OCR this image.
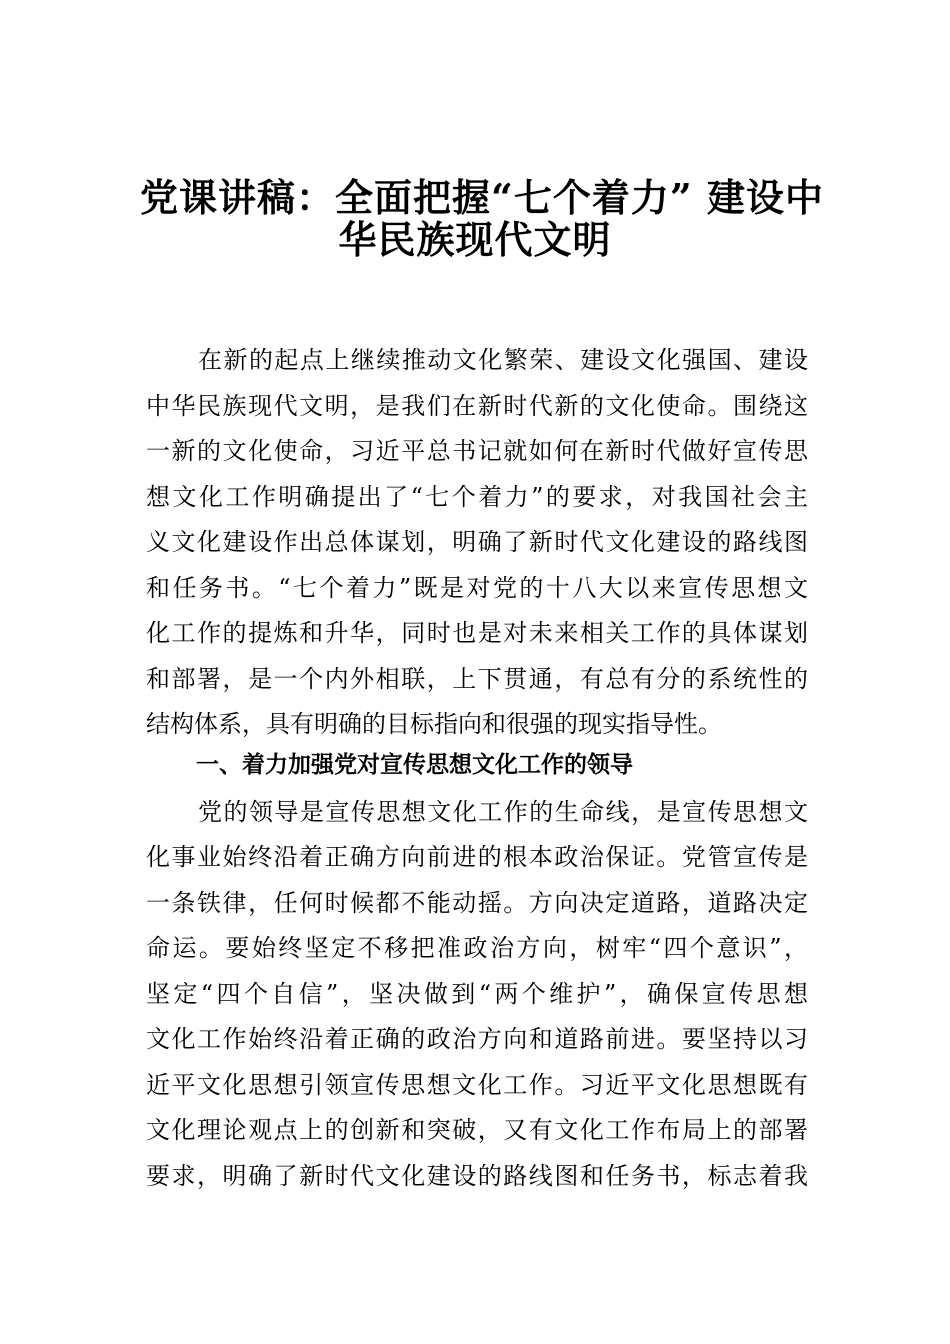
党课讲稿：全面把握“七个着力” 建设中
华民族现代文明
在新的起点上继续推动文化繁荣、建设文化强国、建设
中华民族现代文明，是我们在新时代新的文化使命。围绕这
一新的文化使命，习近平总书记就如何在新时代做好宣传思
想文化工作明确提出了“七个着力”的要求，对我国社会主
义文化建设作出总体谋划，明确了新时代文化建设的路线图
和任务书。“七个着力”既是对党的十八大以来宣传思想文
化工作的提炼和升华，同时也是对未来相关工作的具体谋划
和部署，是一个内外相联，上下贯通，有总有分的系统性的
结构体系，具有明确的目标指向和很强的现实指导性。
一、着力加强党对宣传思想文化工作的领导
党的领导是宣传思想文化工作的生命线，是宣传思想文
化事业始终沿着正确方向前进的根本政治保证。党管宣传是
一条铁律，任何时候都不能动摇。方向决定道路，道路决定
命运。要始终坚定不移把准政治方向，树牢“四个意识”，
坚定“四个自信”，坚决做到“两个维护”，确保宣传思想
文化工作始终沿着正确的政治方向和道路前进。要坚持以习
近平文化思想引领宣传思想文化工作。习近平文化思想既有
文化理论观点上的创新和突破，又有文化工作布局上的部署
要求，明确了新时代文化建设的路线图和任务书，标志着我
